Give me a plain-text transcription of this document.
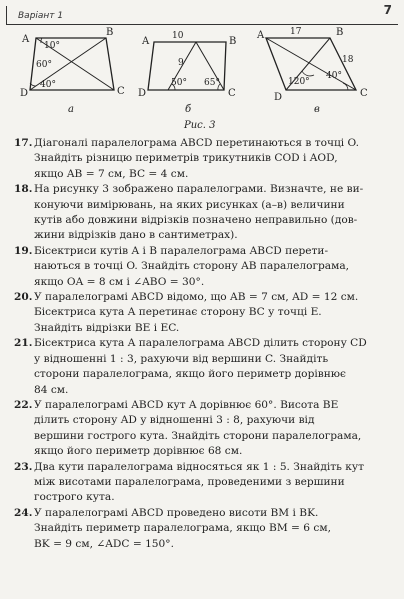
Варіант 1	7
A
B
C
D
10°
60°
40°
а
A	B
C
D
10
9
50° 65°
б
A	B
C
D
17
18
40°
120°
в
Рис. 3
17. Діагоналі паралелограма ABCD перетинаються в точці O.
Знайдіть різницю периметрів трикутників COD і AOD,
якщо AB = 7 см, BC = 4 см.
18. На рисунку 3 зображено паралелограми. Визначте, не ви-
конуючи вимірювань, на яких рисунках (а–в) величини
кутів або довжини відрізків позначено неправильно (дов-
жини відрізків дано в сантиметрах).
19. Бісектриси кутів A і B паралелограма ABCD перети-
наються в точці O. Знайдіть сторону AB паралелограма,
якщо OA = 8 см і ∠ABO = 30°.
20. У паралелограмі ABCD відомо, що AB = 7 см, AD = 12 см.
Бісектриса кута A перетинає сторону BC у точці E.
Знайдіть відрізки BE і EC.
21. Бісектриса кута A паралелограма ABCD ділить сторону CD
у відношенні 1 : 3, рахуючи від вершини C. Знайдіть
сторони паралелограма, якщо його периметр дорівнює
84 см.
22. У паралелограмі ABCD кут A дорівнює 60°. Висота BE
ділить сторону AD у відношенні 3 : 8, рахуючи від
вершини гострого кута. Знайдіть сторони паралелограма,
якщо його периметр дорівнює 68 см.
23. Два кути паралелограма відносяться як 1 : 5. Знайдіть кут
між висотами паралелограма, проведеними з вершини
гострого кута.
24. У паралелограмі ABCD проведено висоти BM і BK.
Знайдіть периметр паралелограма, якщо BM = 6 см,
BK = 9 см, ∠ADC = 150°.
